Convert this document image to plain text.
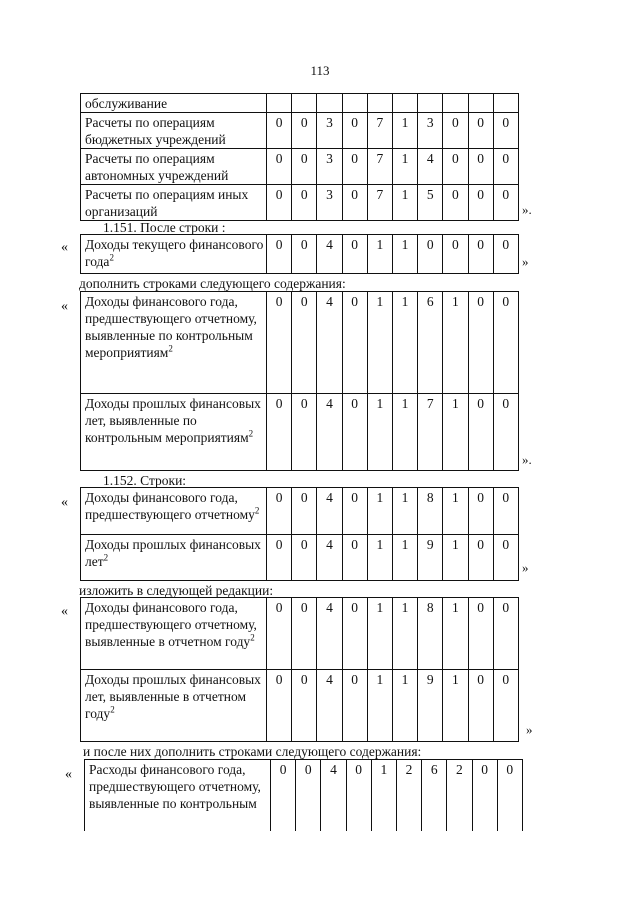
113
обслуживание										
Расчеты по операциям бюджетных учреждений	0	0	3	0	7	1	3	0	0	0
Расчеты по операциям автономных учреждений	0	0	3	0	7	1	4	0	0	0
Расчеты по операциям иных организаций	0	0	3	0	7	1	5	0	0	0
».
1.151. После строки :
« Доходы текущего финансового года$^2$	0	0	4	0	1	1	0	0	0	0
»
дополнить строками следующего содержания:
« Доходы финансового года, предшествующего отчетному, выявленные по контрольным мероприятиям$^2$	0	0	4	0	1	1	6	1	0	0
Доходы прошлых финансовых лет, выявленные по контрольным мероприятиям$^2$	0	0	4	0	1	1	7	1	0	0
».
1.152. Строки:
« Доходы финансового года, предшествующего отчетному$^2$	0	0	4	0	1	1	8	1	0	0
Доходы прошлых финансовых лет$^2$	0	0	4	0	1	1	9	1	0	0
»
изложить в следующей редакции:
« Доходы финансового года, предшествующего отчетному, выявленные в отчетном году$^2$	0	0	4	0	1	1	8	1	0	0
Доходы прошлых финансовых лет, выявленные в отчетном году$^2$	0	0	4	0	1	1	9	1	0	0
»
и после них дополнить строками следующего содержания:
« Расходы финансового года, предшествующего отчетному, выявленные по контрольным	0	0	4	0	1	2	6	2	0	0
